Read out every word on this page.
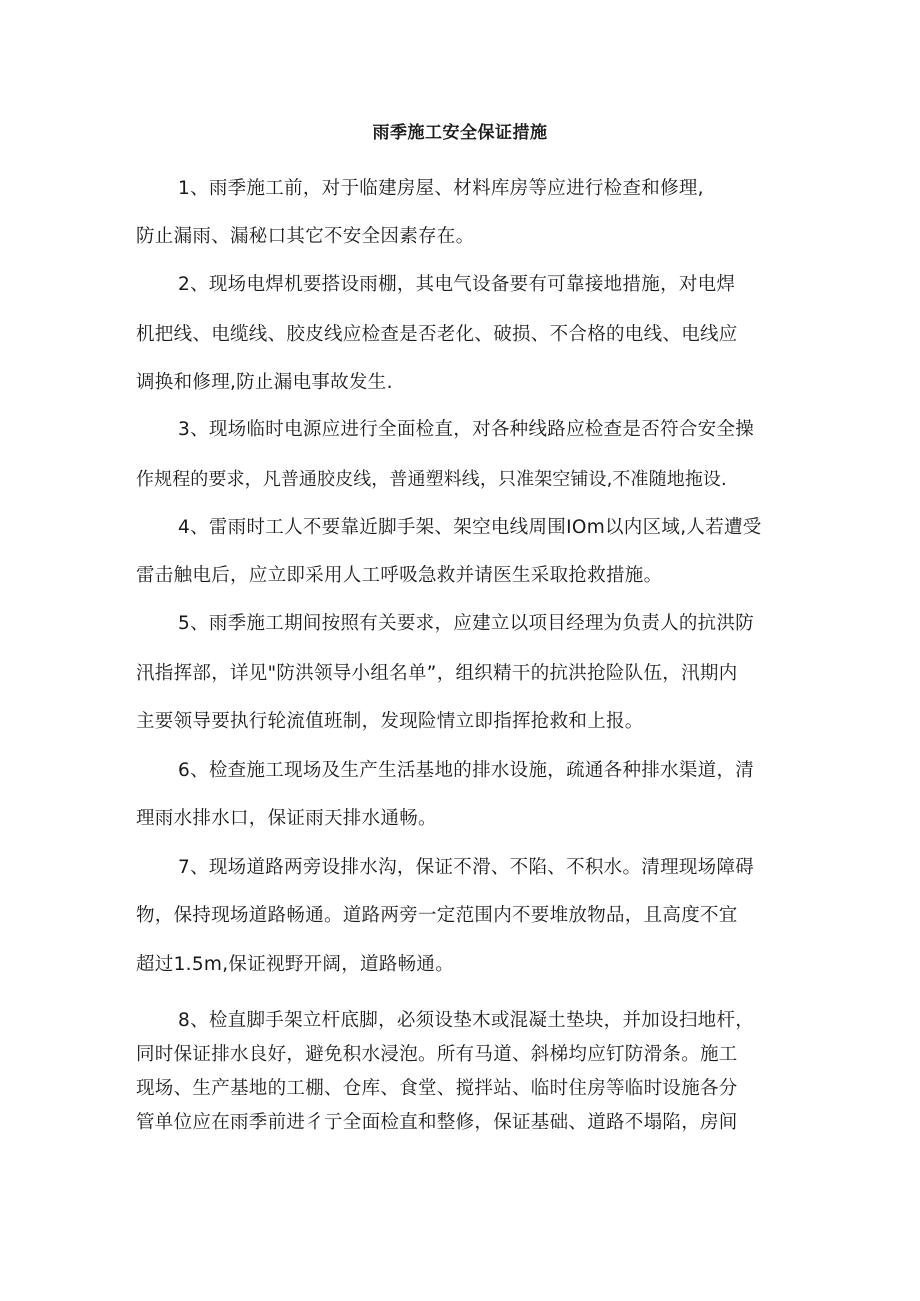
雨季施工安全保证措施
1、雨季施工前，对于临建房屋、材料库房等应进行检查和修理,
防止漏雨、漏秘口其它不安全因素存在。
2、现场电焊机要搭设雨棚，其电气设备要有可靠接地措施，对电焊
机把线、电缆线、胶皮线应检查是否老化、破损、不合格的电线、电线应
调换和修理,防止漏电事故发生.
3、现场临时电源应进行全面检直，对各种线路应检查是否符合安全操
作规程的要求，凡普通胶皮线，普通塑料线，只准架空铺设,不准随地拖设.
4、雷雨时工人不要靠近脚手架、架空电线周围IOm以内区域,人若遭受
雷击触电后，应立即采用人工呼吸急救并请医生采取抢救措施。
5、雨季施工期间按照有关要求，应建立以项目经理为负责人的抗洪防
汛指挥部，详见"防洪领导小组名单”，组织精干的抗洪抢险队伍，汛期内
主要领导要执行轮流值班制，发现险情立即指挥抢救和上报。
6、检查施工现场及生产生活基地的排水设施，疏通各种排水渠道，清
理雨水排水口，保证雨天排水通畅。
7、现场道路两旁设排水沟，保证不滑、不陷、不积水。清理现场障碍
物，保持现场道路畅通。道路两旁一定范围内不要堆放物品，且高度不宜
超过1.5m,保证视野开阔，道路畅通。
8、检直脚手架立杆底脚，必须设垫木或混凝土垫块，并加设扫地杆，
同时保证排水良好，避免积水浸泡。所有马道、斜梯均应钉防滑条。施工
现场、生产基地的工棚、仓库、食堂、搅拌站、临时住房等临时设施各分
管单位应在雨季前进彳亍全面检直和整修，保证基础、道路不塌陷，房间
